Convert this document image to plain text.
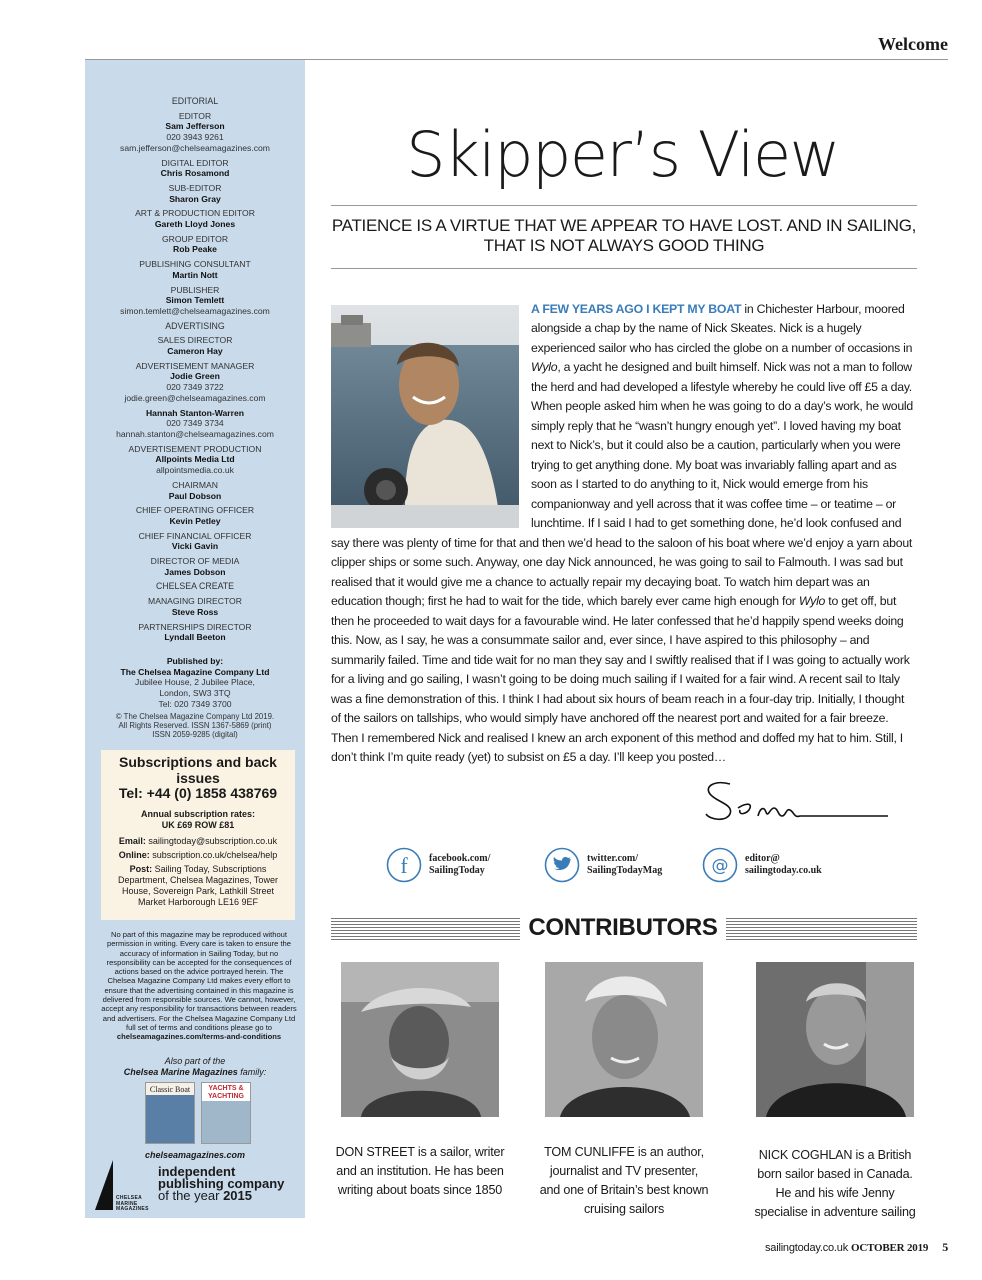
Welcome
EDITORIAL
EDITOR
Sam Jefferson
020 3943 9261
sam.jefferson@chelseamagazines.com
DIGITAL EDITOR
Chris Rosamond
SUB-EDITOR
Sharon Gray
ART & PRODUCTION EDITOR
Gareth Lloyd Jones
GROUP EDITOR
Rob Peake
PUBLISHING CONSULTANT
Martin Nott
PUBLISHER
Simon Temlett
simon.temlett@chelseamagazines.com
ADVERTISING
SALES DIRECTOR
Cameron Hay
ADVERTISEMENT MANAGER
Jodie Green
020 7349 3722
jodie.green@chelseamagazines.com
Hannah Stanton-Warren
020 7349 3734
hannah.stanton@chelseamagazines.com
ADVERTISEMENT PRODUCTION
Allpoints Media Ltd
allpointsmedia.co.uk
CHAIRMAN
Paul Dobson
CHIEF OPERATING OFFICER
Kevin Petley
CHIEF FINANCIAL OFFICER
Vicki Gavin
DIRECTOR OF MEDIA
James Dobson
CHELSEA CREATE
MANAGING DIRECTOR
Steve Ross
PARTNERSHIPS DIRECTOR
Lyndall Beeton
Published by:
The Chelsea Magazine Company Ltd
Jubilee House, 2 Jubilee Place,
London, SW3 3TQ
Tel: 020 7349 3700
© The Chelsea Magazine Company Ltd 2019.
All Rights Reserved. ISSN 1367-5869 (print)
ISSN 2059-9285 (digital)
Subscriptions and back issues
Tel: +44 (0) 1858 438769
Annual subscription rates:
UK £69 ROW £81

Email: sailingtoday@subscription.co.uk

Online: subscription.co.uk/chelsea/help

Post: Sailing Today, Subscriptions Department, Chelsea Magazines, Tower House, Sovereign Park, Lathkill Street Market Harborough LE16 9EF

No part of this magazine may be reproduced without permission in writing. Every care is taken to ensure the accuracy of information in Sailing Today, but no responsibility can be accepted for the consequences of actions based on the advice portrayed herein. The Chelsea Magazine Company Ltd makes every effort to ensure that the advertising contained in this magazine is delivered from responsible sources. We cannot, however, accept any responsibility for transactions between readers and advertisers. For the Chelsea Magazine Company Ltd full set of terms and conditions please go to chelseamagazines.com/terms-and-conditions
Also part of the
Chelsea Marine Magazines family:
Classic Boat	YACHTS & YACHTING
chelseamagazines.com
CHELSEA
MARINE
MAGAZINES
independent
publishing company
of the year 2015
Skipper’s View
PATIENCE IS A VIRTUE THAT WE APPEAR TO HAVE LOST. AND IN SAILING, THAT IS NOT ALWAYS GOOD THING
A FEW YEARS AGO I KEPT MY BOAT in Chichester Harbour, moored alongside a chap by the name of Nick Skeates. Nick is a hugely experienced sailor who has circled the globe on a number of occasions in Wylo, a yacht he designed and built himself. Nick was not a man to follow the herd and had developed a lifestyle whereby he could live off £5 a day. When people asked him when he was going to do a day’s work, he would simply reply that he “wasn’t hungry enough yet”. I loved having my boat next to Nick’s, but it could also be a caution, particularly when you were trying to get anything done. My boat was invariably falling apart and as soon as I started to do anything to it, Nick would emerge from his companionway and yell across that it was coffee time – or teatime – or lunchtime. If I said I had to get something done, he’d look confused and
say there was plenty of time for that and then we’d head to the saloon of his boat where we’d enjoy a yarn about clipper ships or some such. Anyway, one day Nick announced, he was going to sail to Falmouth. I was sad but realised that it would give me a chance to actually repair my decaying boat. To watch him depart was an education though; first he had to wait for the tide, which barely ever came high enough for Wylo to get off, but then he proceeded to wait days for a favourable wind. He later confessed that he’d happily spend weeks doing this. Now, as I say, he was a consummate sailor and, ever since, I have aspired to this philosophy – and summarily failed. Time and tide wait for no man they say and I swiftly realised that if I was going to actually work for a living and go sailing, I wasn’t going to be doing much sailing if I waited for a fair wind. A recent sail to Italy was a fine demonstration of this. I think I had about six hours of beam reach in a four-day trip. Initially, I thought of the sailors on tallships, who would simply have anchored off the nearest port and waited for a fair breeze. Then I remembered Nick and realised I knew an arch exponent of this method and doffed my hat to him. Still, I don’t think I’m quite ready (yet) to subsist on £5 a day. I’ll keep you posted…
f facebook.com/
SailingToday
twitter.com/
SailingTodayMag	@ editor@
sailingtoday.co.uk
CONTRIBUTORS
DON STREET is a sailor, writer and an institution. He has been writing about boats since 1850
TOM CUNLIFFE is an author, journalist and TV presenter, and one of Britain’s best known cruising sailors
NICK COGHLAN is a British born sailor based in Canada. He and his wife Jenny specialise in adventure sailing
sailingtoday.co.uk OCTOBER 2019 5
